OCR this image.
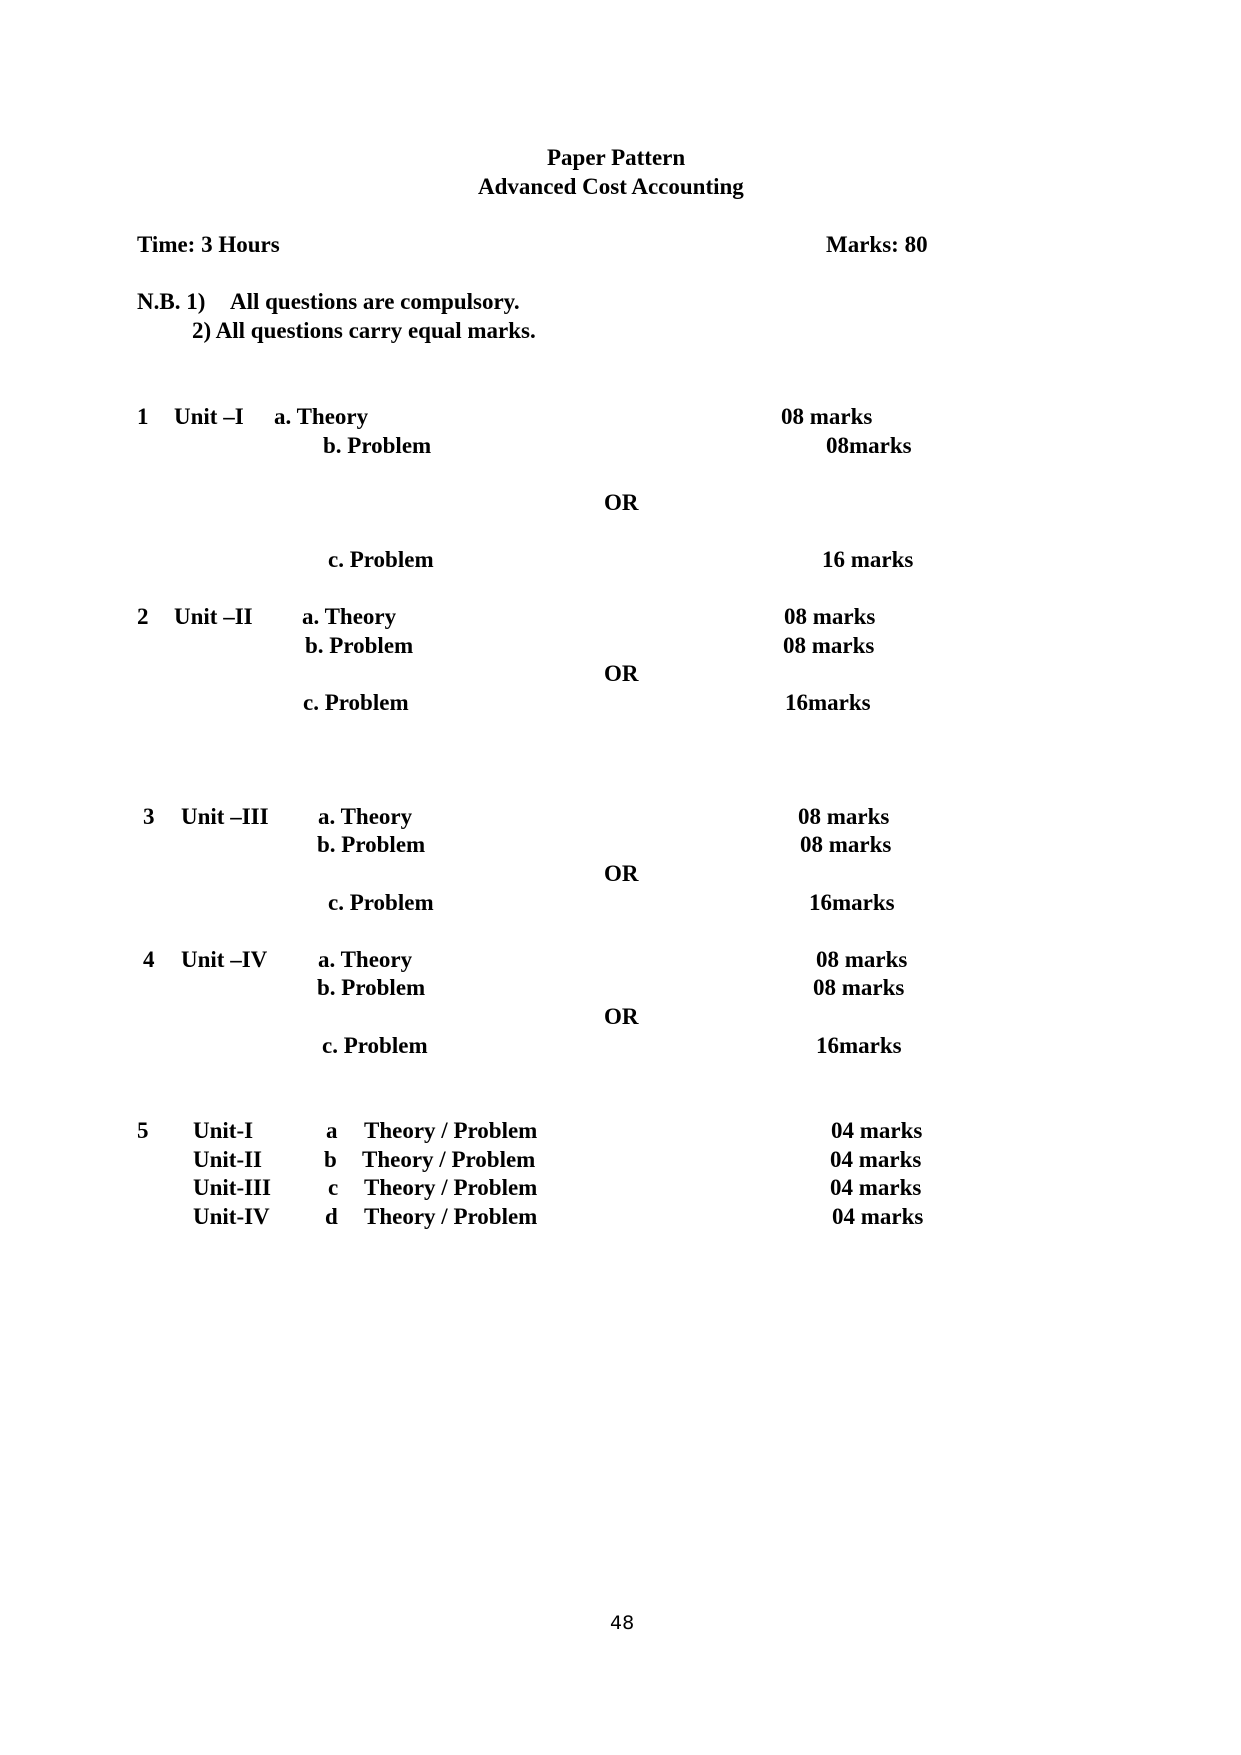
Paper Pattern
Advanced Cost Accounting
Time: 3 Hours	Marks: 80
N.B. 1) All questions are compulsory.
2) All questions carry equal marks.
1 Unit –I a. Theory	08 marks
b. Problem	08marks
OR
c. Problem	16 marks
2 Unit –II a. Theory	08 marks
b. Problem	08 marks
OR
c. Problem	16marks
3 Unit –III a. Theory	08 marks
b. Problem	08 marks
OR
c. Problem	16marks
4 Unit –IV a. Theory	08 marks
b. Problem	08 marks
OR
c. Problem	16marks
5 Unit-I	a Theory / Problem	04 marks
Unit-II	b Theory / Problem	04 marks
Unit-III c Theory / Problem	04 marks
Unit-IV d Theory / Problem	04 marks
48
